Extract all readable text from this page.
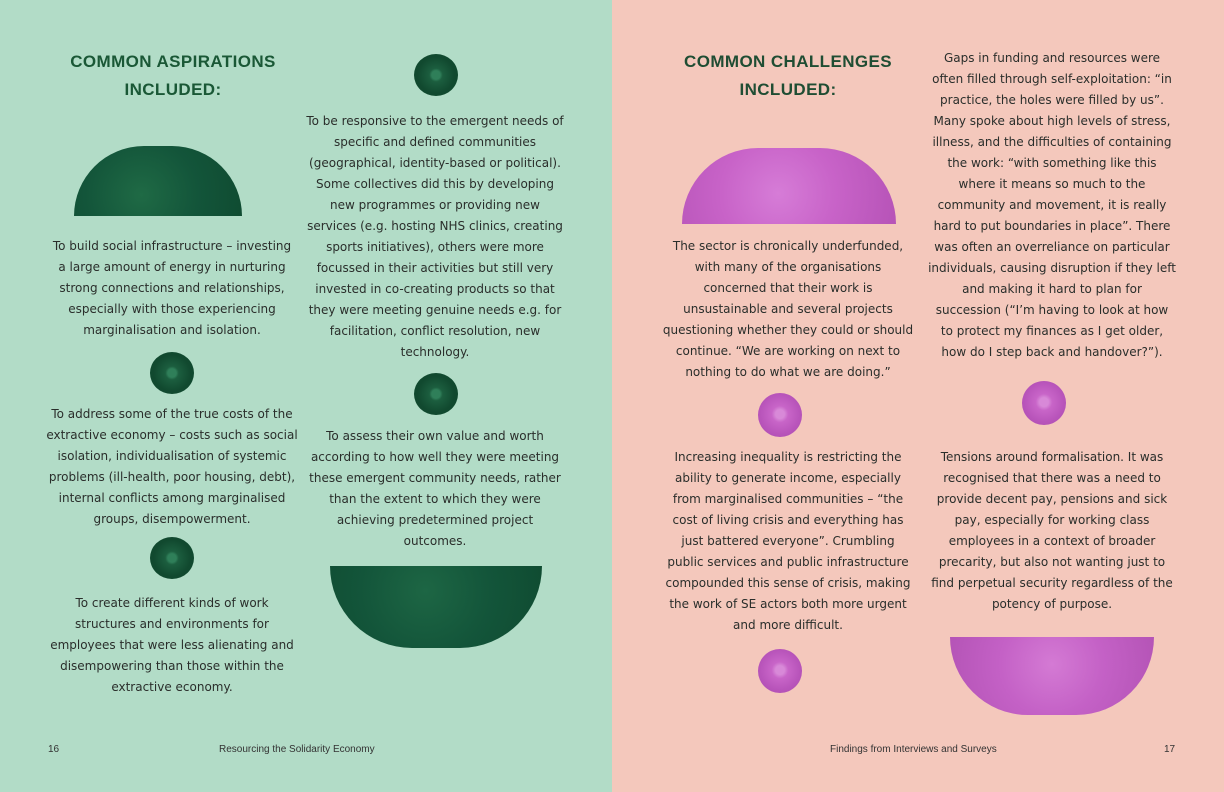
COMMON ASPIRATIONS
INCLUDED:

To build social infrastructure – investing a large amount of energy in nurturing strong connections and relationships, especially with those experiencing marginalisation and isolation.

To address some of the true costs of the extractive economy – costs such as social isolation, individualisation of systemic problems (ill-health, poor housing, debt), internal conflicts among marginalised groups, disempowerment.

To create different kinds of work structures and environments for employees that were less alienating and disempowering than those within the extractive economy.

To be responsive to the emergent needs of specific and defined communities (geographical, identity-based or political). Some collectives did this by developing new programmes or providing new services (e.g. hosting NHS clinics, creating sports initiatives), others were more focussed in their activities but still very invested in co-creating products so that they were meeting genuine needs e.g. for facilitation, conflict resolution, new technology.

To assess their own value and worth according to how well they were meeting these emergent community needs, rather than the extent to which they were achieving predetermined project outcomes.

16	Resourcing the Solidarity Economy
COMMON CHALLENGES
INCLUDED:

The sector is chronically underfunded, with many of the organisations concerned that their work is unsustainable and several projects questioning whether they could or should continue. “We are working on next to nothing to do what we are doing.”

Increasing inequality is restricting the ability to generate income, especially from marginalised communities – “the cost of living crisis and everything has just battered everyone”. Crumbling public services and public infrastructure compounded this sense of crisis, making the work of SE actors both more urgent and more difficult.

Gaps in funding and resources were often filled through self-exploitation: “in practice, the holes were filled by us”. Many spoke about high levels of stress, illness, and the difficulties of containing the work: “with something like this where it means so much to the community and movement, it is really hard to put boundaries in place”. There was often an overreliance on particular individuals, causing disruption if they left and making it hard to plan for succession (“I’m having to look at how to protect my finances as I get older, how do I step back and handover?”).

Tensions around formalisation. It was recognised that there was a need to provide decent pay, pensions and sick pay, especially for working class employees in a context of broader precarity, but also not wanting just to find perpetual security regardless of the potency of purpose.

Findings from Interviews and Surveys	17
